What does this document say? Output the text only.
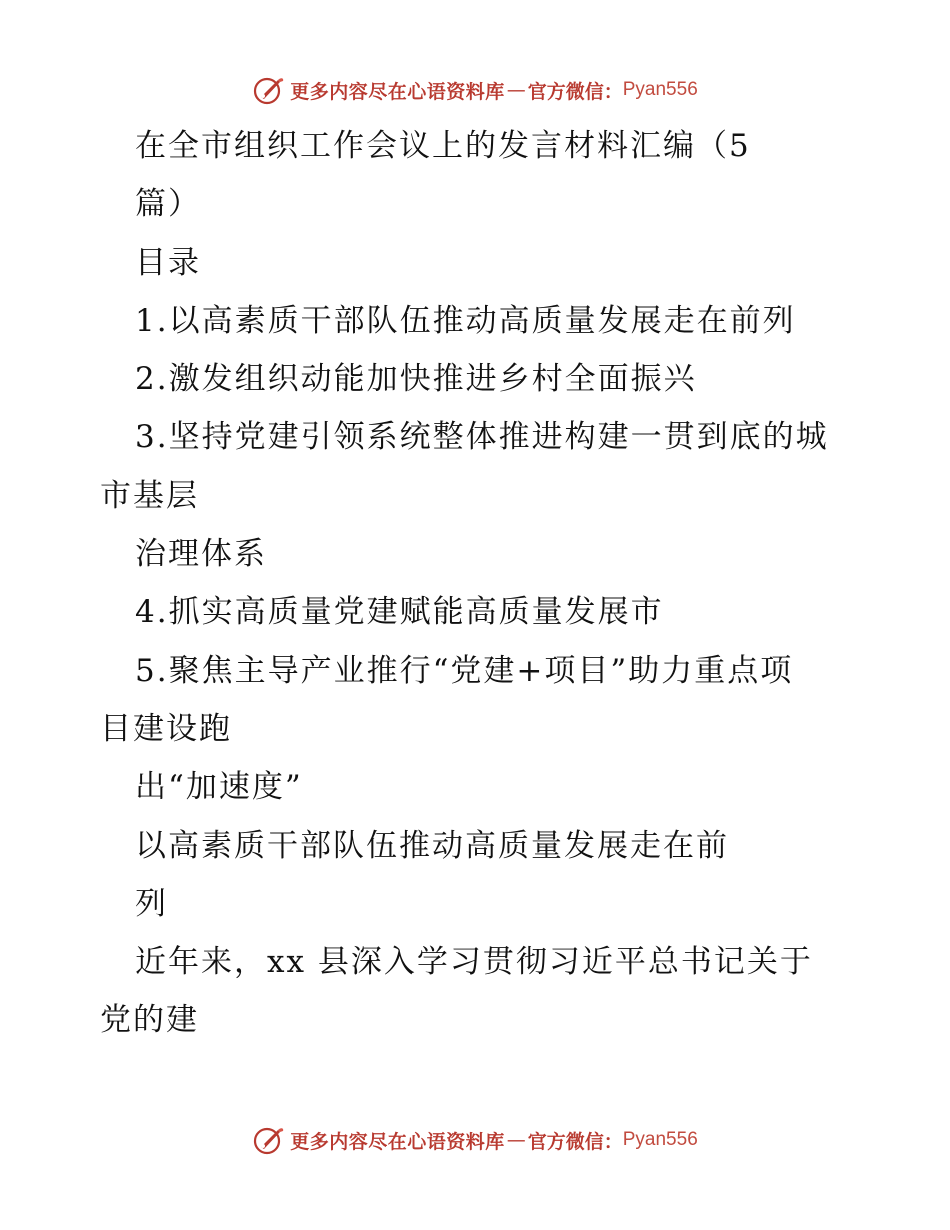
更多内容尽在心语资料库 — 官方微信： Pyan556
在全市组织工作会议上的发言材料汇编（5
篇）
目录
1.以高素质干部队伍推动高质量发展走在前列
2.激发组织动能加快推进乡村全面振兴
3.坚持党建引领系统整体推进构建一贯到底的城
市基层
治理体系
4.抓实高质量党建赋能高质量发展市
5.聚焦主导产业推行“党建+项目”助力重点项
目建设跑
出“加速度”
以高素质干部队伍推动高质量发展走在前
列
近年来，xx 县深入学习贯彻习近平总书记关于
党的建
更多内容尽在心语资料库 — 官方微信： Pyan556
